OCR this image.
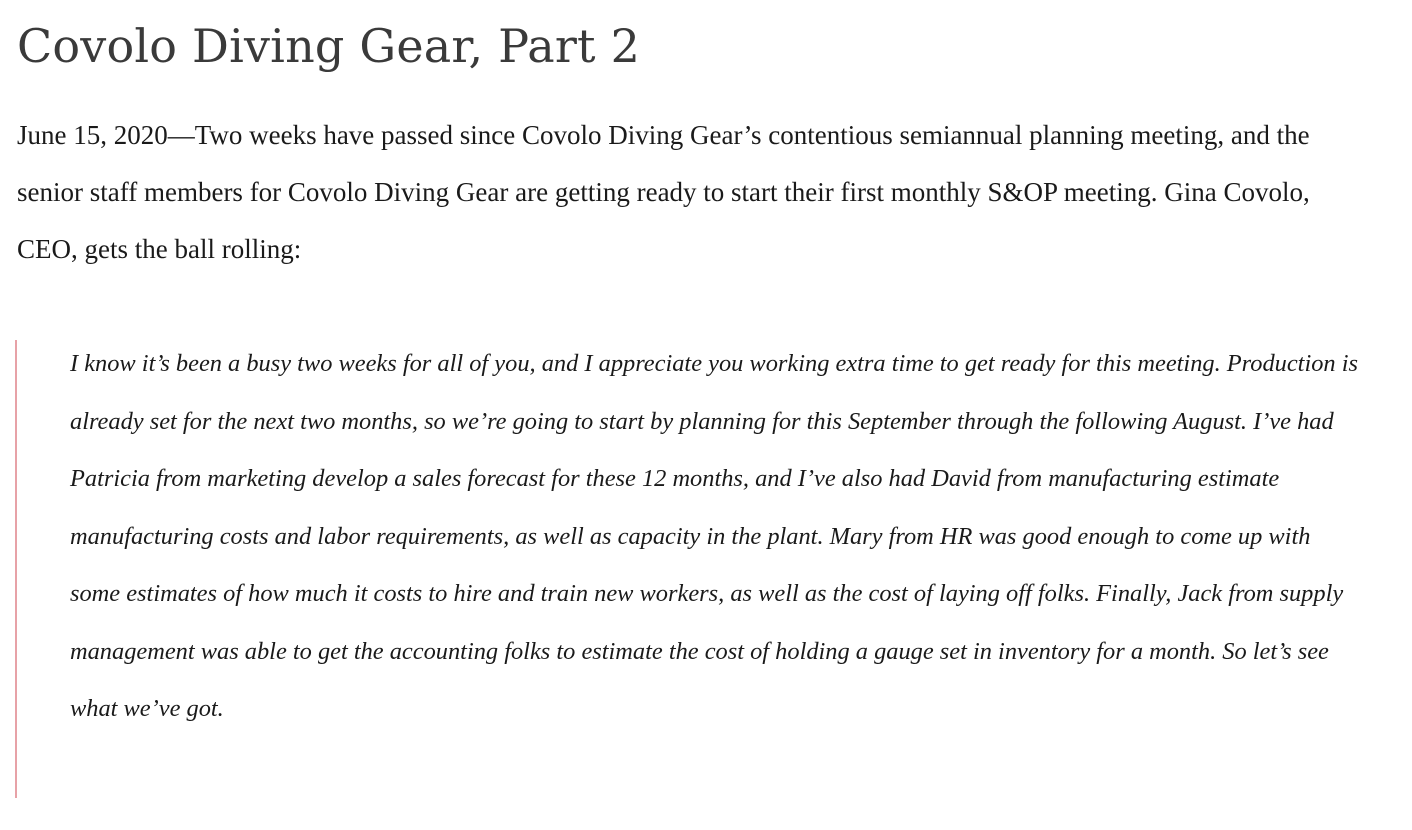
Covolo Diving Gear, Part 2

June 15, 2020—Two weeks have passed since Covolo Diving Gear’s contentious semiannual planning meeting, and the senior staff members for Covolo Diving Gear are getting ready to start their first monthly S&OP meeting. Gina Covolo, CEO, gets the ball rolling:

I know it’s been a busy two weeks for all of you, and I appreciate you working extra time to get ready for this meeting. Production is already set for the next two months, so we’re going to start by planning for this September through the following August. I’ve had Patricia from marketing develop a sales forecast for these 12 months, and I’ve also had David from manufacturing estimate manufacturing costs and labor requirements, as well as capacity in the plant. Mary from HR was good enough to come up with some estimates of how much it costs to hire and train new workers, as well as the cost of laying off folks. Finally, Jack from supply management was able to get the accounting folks to estimate the cost of holding a gauge set in inventory for a month. So let’s see what we’ve got.
